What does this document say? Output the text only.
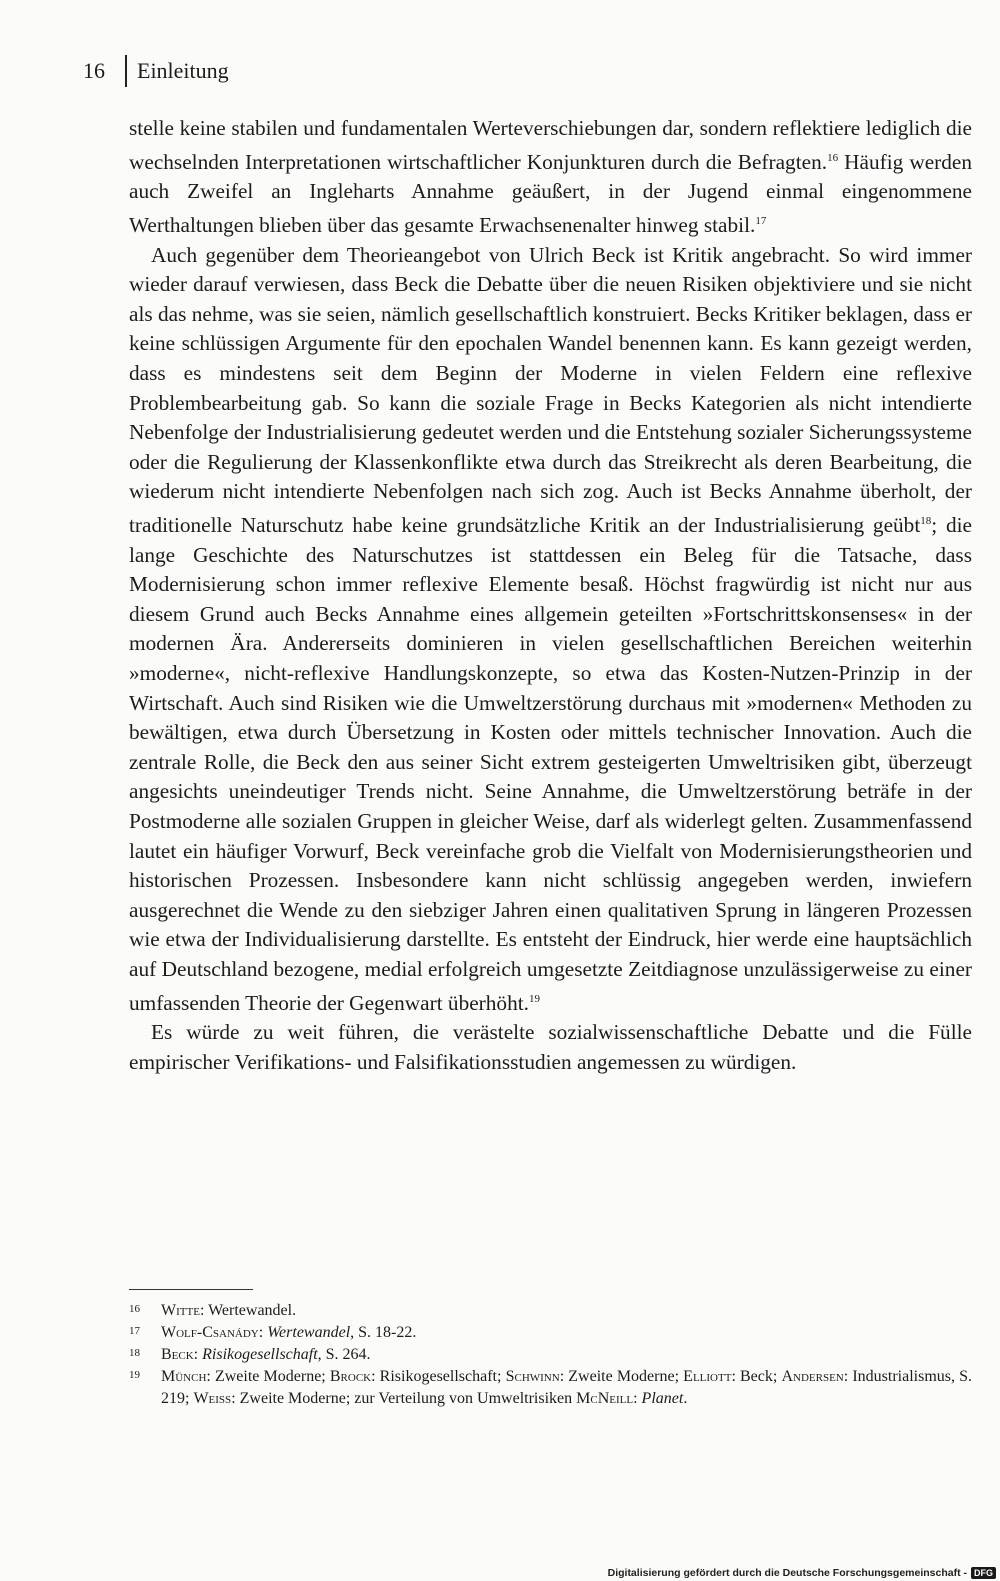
16	Einleitung

stelle keine stabilen und fundamentalen Werteverschiebungen dar, sondern reflektiere lediglich die wechselnden Interpretationen wirtschaftlicher Konjunkturen durch die Befragten.$^{16}$ Häufig werden auch Zweifel an Ingleharts Annahme geäußert, in der Jugend einmal eingenommene Werthaltungen blieben über das gesamte Erwachsenenalter hinweg stabil.$^{17}$

Auch gegenüber dem Theorieangebot von Ulrich Beck ist Kritik angebracht. So wird immer wieder darauf verwiesen, dass Beck die Debatte über die neuen Risiken objektiviere und sie nicht als das nehme, was sie seien, nämlich gesellschaftlich konstruiert. Becks Kritiker beklagen, dass er keine schlüssigen Argumente für den epochalen Wandel benennen kann. Es kann gezeigt werden, dass es mindestens seit dem Beginn der Moderne in vielen Feldern eine reflexive Problembearbeitung gab. So kann die soziale Frage in Becks Kategorien als nicht intendierte Nebenfolge der Industrialisierung gedeutet werden und die Entstehung sozialer Sicherungssysteme oder die Regulierung der Klassenkonflikte etwa durch das Streikrecht als deren Bearbeitung, die wiederum nicht intendierte Nebenfolgen nach sich zog. Auch ist Becks Annahme überholt, der traditionelle Naturschutz habe keine grundsätzliche Kritik an der Industrialisierung geübt$^{18}$; die lange Geschichte des Naturschutzes ist stattdessen ein Beleg für die Tatsache, dass Modernisierung schon immer reflexive Elemente besaß. Höchst fragwürdig ist nicht nur aus diesem Grund auch Becks Annahme eines allgemein geteilten »Fortschrittskonsenses« in der modernen Ära. Andererseits dominieren in vielen gesellschaftlichen Bereichen weiterhin »moderne«, nicht-reflexive Handlungskonzepte, so etwa das Kosten-Nutzen-Prinzip in der Wirtschaft. Auch sind Risiken wie die Umweltzerstörung durchaus mit »modernen« Methoden zu bewältigen, etwa durch Übersetzung in Kosten oder mittels technischer Innovation. Auch die zentrale Rolle, die Beck den aus seiner Sicht extrem gesteigerten Umweltrisiken gibt, überzeugt angesichts uneindeutiger Trends nicht. Seine Annahme, die Umweltzerstörung beträfe in der Postmoderne alle sozialen Gruppen in gleicher Weise, darf als widerlegt gelten. Zusammenfassend lautet ein häufiger Vorwurf, Beck vereinfache grob die Vielfalt von Modernisierungstheorien und historischen Prozessen. Insbesondere kann nicht schlüssig angegeben werden, inwiefern ausgerechnet die Wende zu den siebziger Jahren einen qualitativen Sprung in längeren Prozessen wie etwa der Individualisierung darstellte. Es entsteht der Eindruck, hier werde eine hauptsächlich auf Deutschland bezogene, medial erfolgreich umgesetzte Zeitdiagnose unzulässigerweise zu einer umfassenden Theorie der Gegenwart überhöht.$^{19}$

Es würde zu weit führen, die verästelte sozialwissenschaftliche Debatte und die Fülle empirischer Verifikations- und Falsifikationsstudien angemessen zu würdigen.

16	Witte: Wertewandel.
17	Wolf-Csanády: Wertewandel, S. 18-22.
18	Beck: Risikogesellschaft, S. 264.
19	Münch: Zweite Moderne; Brock: Risikogesellschaft; Schwinn: Zweite Moderne; Elliott: Beck; Andersen: Industrialismus, S. 219; Weiss: Zweite Moderne; zur Verteilung von Umweltrisiken McNeill: Planet.
Digitalisierung gefördert durch die Deutsche Forschungsgemeinschaft - DFG
